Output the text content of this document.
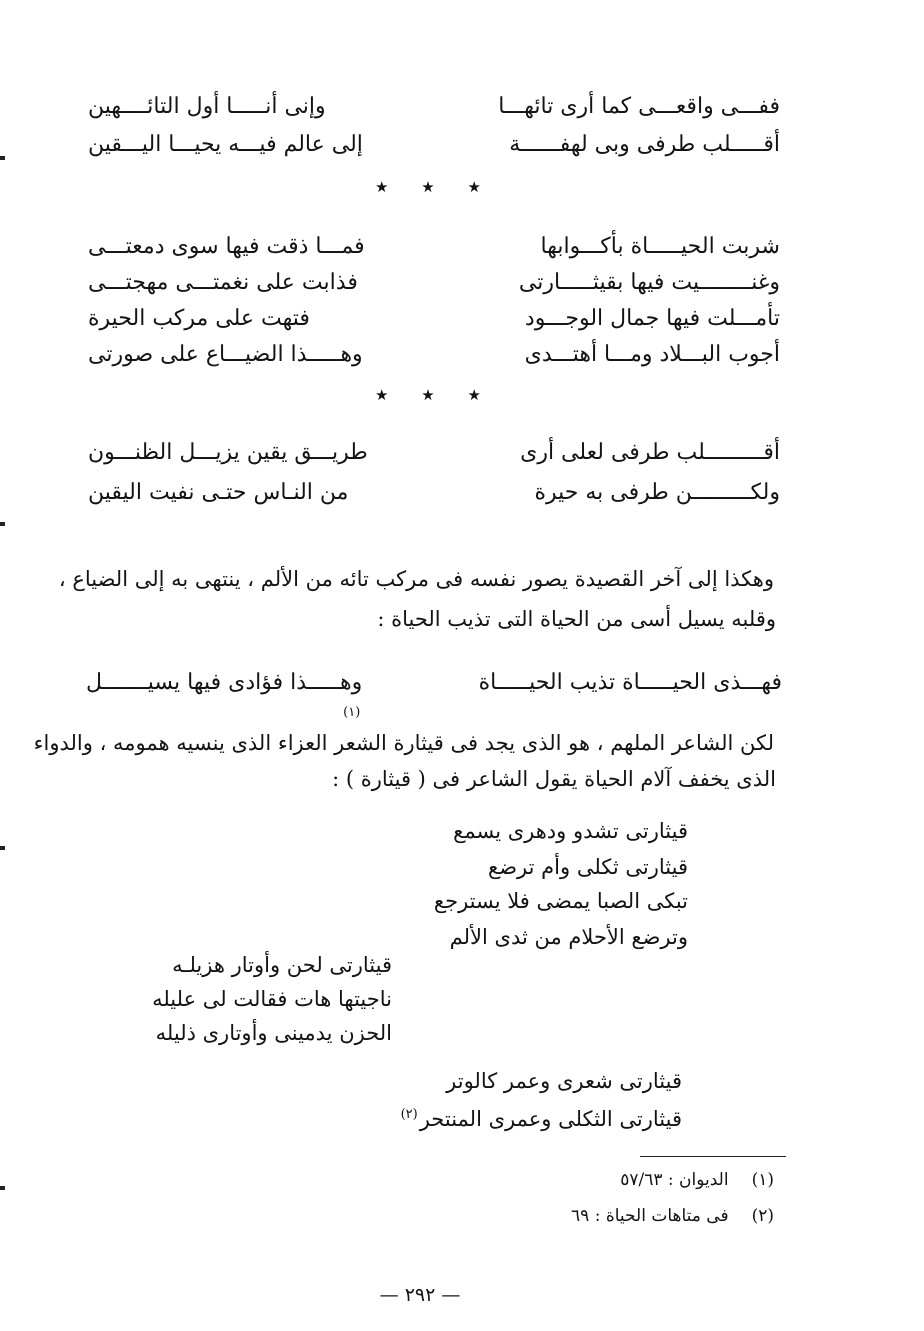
ففـــى واقعـــى كما أرى تائهـــا
وإنى أنـــــا أول التائــــهين
أقـــــلب طرفى وبى لهفــــــة
إلى عالم فيـــه يحيـــا اليـــقين
★ ★ ★
شربت الحيـــــاة بأكـــوابها
فمـــا ذقت فيها سوى دمعتـــى
وغنــــــــيت فيها بقيثـــــارتى
فذابت على نغمتـــى مهجتـــى
تأمـــلت فيها جمال الوجـــود
فتهت على مركب الحيرة
أجوب البـــلاد ومـــا أهتـــدى
وهـــــذا الضيـــاع على صورتى
★ ★ ★
أقـــــــــلب طرفى لعلى أرى
طريـــق يقين يزيـــل الظنـــون
ولكـــــــــن طرفى به حيرة
من النـاس حتـى نفيت اليقين
وهكذا إلى آخر القصيدة يصور نفسه فى مركب تائه من الألم ، ينتهى به إلى الضياع ،
وقلبه يسيل أسى من الحياة التى تذيب الحياة :
فهـــذى الحيـــــاة تذيب الحيـــــاة
وهـــــذا فؤادى فيها يسيـــــــل
(١)
لكن الشاعر الملهم ، هو الذى يجد فى قيثارة الشعر العزاء الذى ينسيه همومه ، والدواء
الذى يخفف آلام الحياة يقول الشاعر فى ( قيثارة ) :
قيثارتى تشدو ودهرى يسمع
قيثارتى ثكلى وأم ترضع
تبكى الصبا يمضى فلا يسترجع
وترضع الأحلام من ثدى الألم
قيثارتى لحن وأوتار هزيلـه
ناجيتها هات فقالت لى عليله
الحزن يدمينى وأوتارى ذليله
قيثارتى شعرى وعمر كالوتر
قيثارتى الثكلى وعمرى المنتحر$^{(٢)}$
(١) الديوان : ٥٧/٦٣
(٢) فى متاهات الحياة : ٦٩
— ٢٩٢ —
